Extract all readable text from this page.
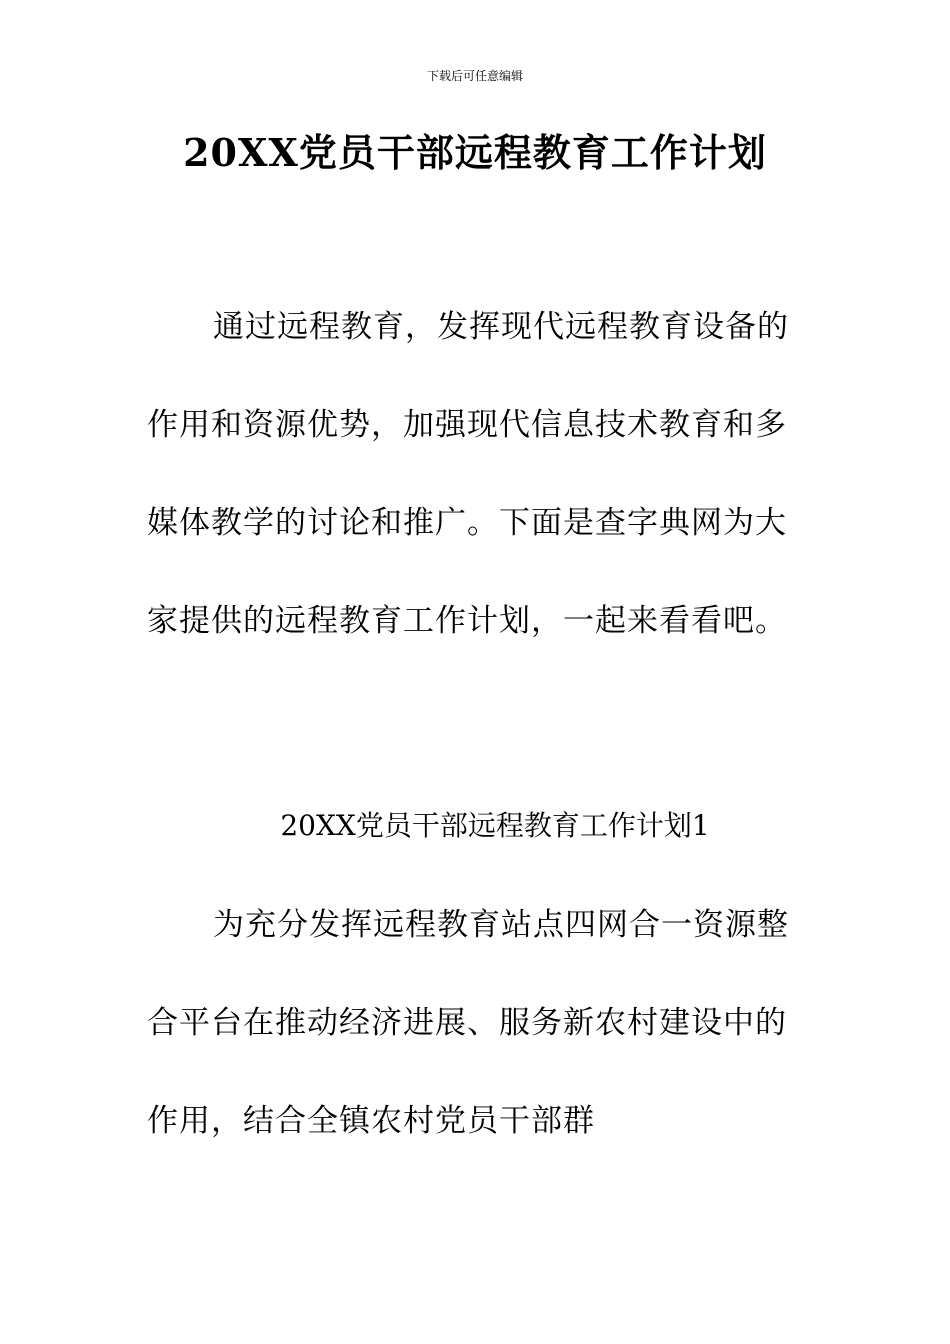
下载后可任意编辑
20XX党员干部远程教育工作计划

通过远程教育，发挥现代远程教育设备的作用和资源优势，加强现代信息技术教育和多媒体教学的讨论和推广。下面是查字典网为大家提供的远程教育工作计划，一起来看看吧。

20XX党员干部远程教育工作计划1

为充分发挥远程教育站点四网合一资源整合平台在推动经济进展、服务新农村建设中的作用，结合全镇农村党员干部群
